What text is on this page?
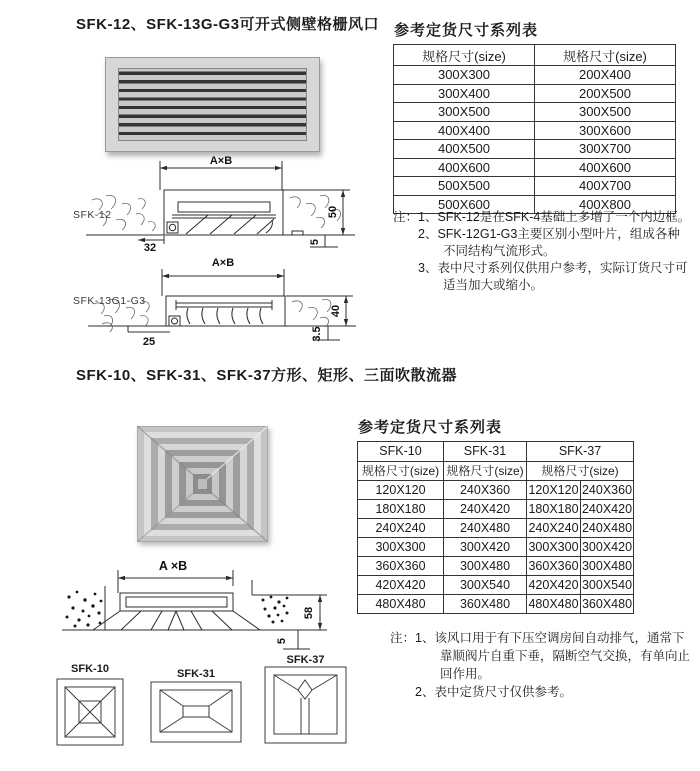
SFK-12、SFK-13G-G3可开式侧壁格栅风口
A×B
SFK-12
32
50
5
A×B
SFK-13G1-G3
25
40
3.5
参考定货尺寸系列表
规格尺寸(size)	规格尺寸(size)
300X300	200X400
300X400	200X500
300X500	300X500
400X400	300X600
400X500	300X700
400X600	400X600
500X500	400X700
500X600	400X800
注：1、SFK-12是在SFK-4基础上多增了一个内边框。
2、SFK-12G1-G3主要区别小型叶片，组成各种不同结构气流形式。
3、表中尺寸系列仅供用户参考，实际订货尺寸可适当加大或缩小。
SFK-10、SFK-31、SFK-37方形、矩形、三面吹散流器
A ×B
58
5
SFK-10	SFK-31
SFK-37
参考定货尺寸系列表
SFK-10	SFK-31	SFK-37	
规格尺寸(size)	规格尺寸(size)	规格尺寸(size)	
120X120	240X360	120X120	240X360
180X180	240X420	180X180	240X420
240X240	240X480	240X240	240X480
300X300	300X420	300X300	300X420
360X360	300X480	360X360	300X480
420X420	300X540	420X420	300X540
480X480	360X480	480X480	360X480
注：1、该风口用于有下压空调房间自动排气，通常下靠顺阀片自重下垂，隔断空气交换，有单向止回作用。
2、表中定货尺寸仅供参考。
